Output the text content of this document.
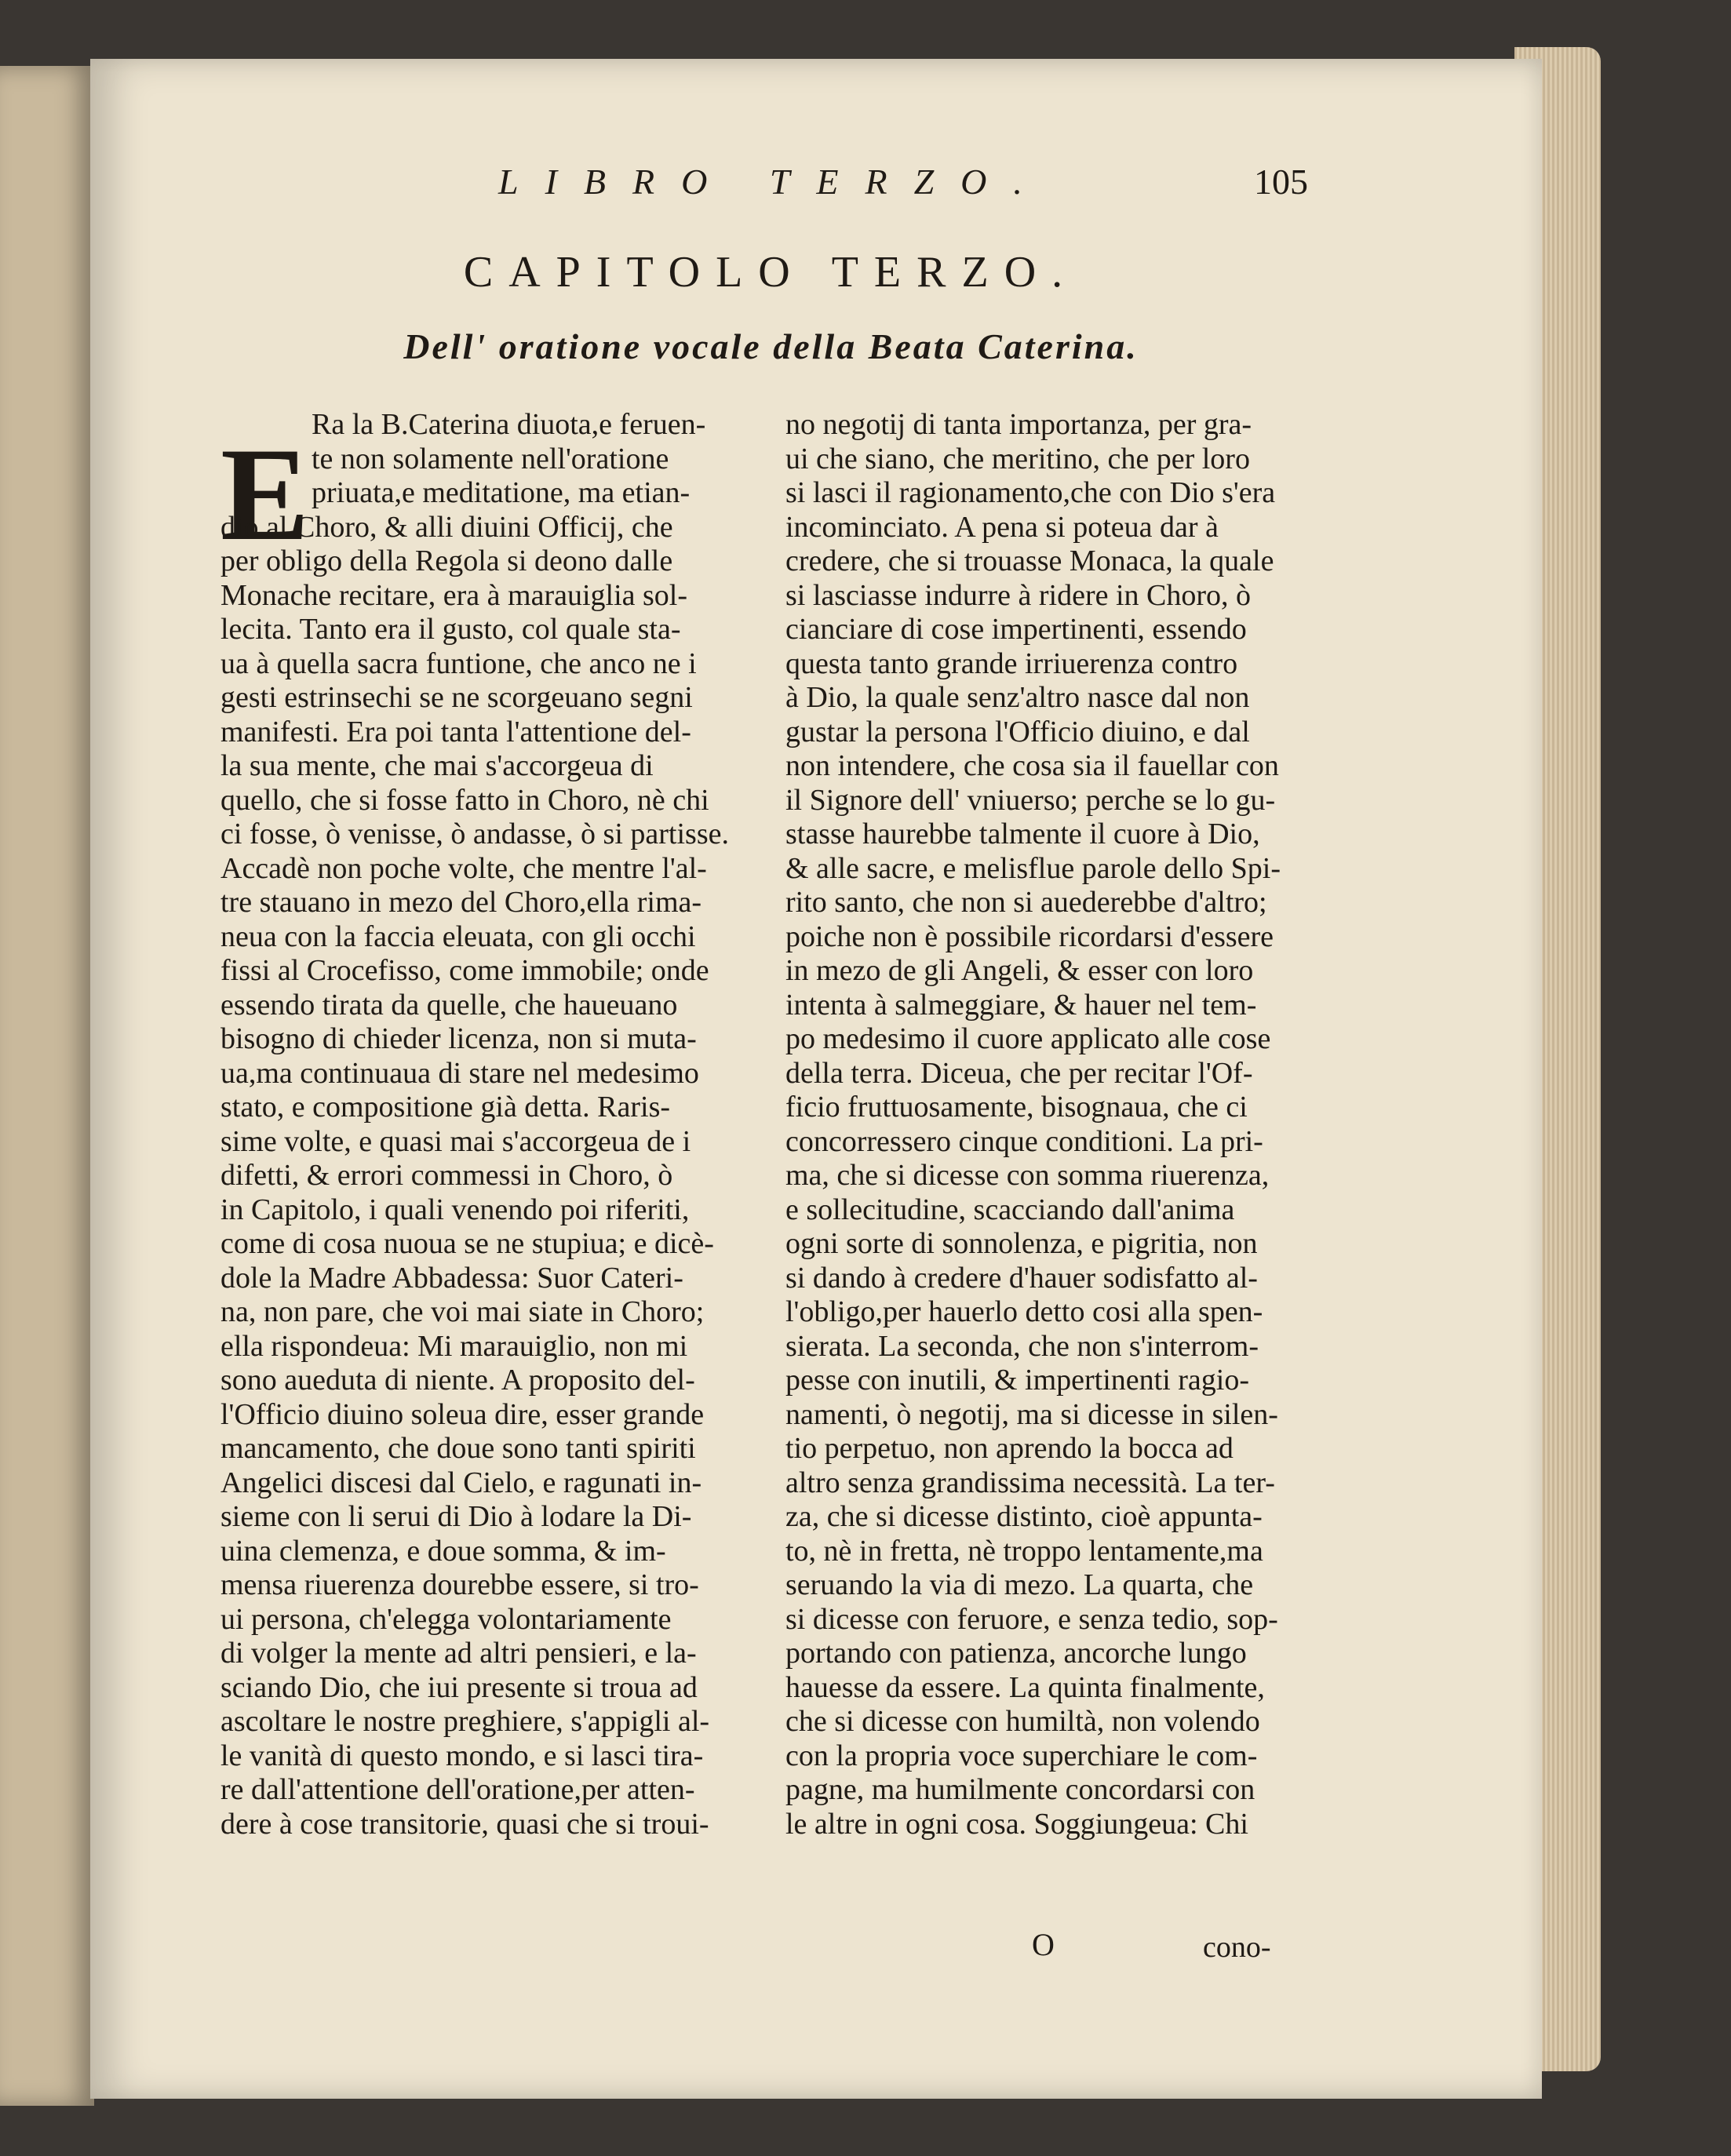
LIBRO TERZO.	105
CAPITOLO TERZO.
Dell' oratione vocale della Beata Caterina.
E Ra la B.Caterina diuota,e feruen-
te non solamente nell'oratione
priuata,e meditatione, ma etian-
dio al Choro, & alli diuini Officij, che
per obligo della Regola si deono dalle
Monache recitare, era à marauiglia sol-
lecita. Tanto era il gusto, col quale sta-
ua à quella sacra funtione, che anco ne i
gesti estrinsechi se ne scorgeuano segni
manifesti. Era poi tanta l'attentione del-
la sua mente, che mai s'accorgeua di
quello, che si fosse fatto in Choro, nè chi
ci fosse, ò venisse, ò andasse, ò si partisse.
Accadè non poche volte, che mentre l'al-
tre stauano in mezo del Choro,ella rima-
neua con la faccia eleuata, con gli occhi
fissi al Crocefisso, come immobile; onde
essendo tirata da quelle, che haueuano
bisogno di chieder licenza, non si muta-
ua,ma continuaua di stare nel medesimo
stato, e compositione già detta. Raris-
sime volte, e quasi mai s'accorgeua de i
difetti, & errori commessi in Choro, ò
in Capitolo, i quali venendo poi riferiti,
come di cosa nuoua se ne stupiua; e dicè-
dole la Madre Abbadessa: Suor Cateri-
na, non pare, che voi mai siate in Choro;
ella rispondeua: Mi marauiglio, non mi
sono aueduta di niente. A proposito del-
l'Officio diuino soleua dire, esser grande
mancamento, che doue sono tanti spiriti
Angelici discesi dal Cielo, e ragunati in-
sieme con li serui di Dio à lodare la Di-
uina clemenza, e doue somma, & im-
mensa riuerenza dourebbe essere, si tro-
ui persona, ch'elegga volontariamente
di volger la mente ad altri pensieri, e la-
sciando Dio, che iui presente si troua ad
ascoltare le nostre preghiere, s'appigli al-
le vanità di questo mondo, e si lasci tira-
re dall'attentione dell'oratione,per atten-
dere à cose transitorie, quasi che si troui-
no negotij di tanta importanza, per gra-
ui che siano, che meritino, che per loro
si lasci il ragionamento,che con Dio s'era
incominciato. A pena si poteua dar à
credere, che si trouasse Monaca, la quale
si lasciasse indurre à ridere in Choro, ò
cianciare di cose impertinenti, essendo
questa tanto grande irriuerenza contro
à Dio, la quale senz'altro nasce dal non
gustar la persona l'Officio diuino, e dal
non intendere, che cosa sia il fauellar con
il Signore dell' vniuerso; perche se lo gu-
stasse haurebbe talmente il cuore à Dio,
& alle sacre, e melisflue parole dello Spi-
rito santo, che non si auederebbe d'altro;
poiche non è possibile ricordarsi d'essere
in mezo de gli Angeli, & esser con loro
intenta à salmeggiare, & hauer nel tem-
po medesimo il cuore applicato alle cose
della terra. Diceua, che per recitar l'Of-
ficio fruttuosamente, bisognaua, che ci
concorressero cinque conditioni. La pri-
ma, che si dicesse con somma riuerenza,
e sollecitudine, scacciando dall'anima
ogni sorte di sonnolenza, e pigritia, non
si dando à credere d'hauer sodisfatto al-
l'obligo,per hauerlo detto cosi alla spen-
sierata. La seconda, che non s'interrom-
pesse con inutili, & impertinenti ragio-
namenti, ò negotij, ma si dicesse in silen-
tio perpetuo, non aprendo la bocca ad
altro senza grandissima necessità. La ter-
za, che si dicesse distinto, cioè appunta-
to, nè in fretta, nè troppo lentamente,ma
seruando la via di mezo. La quarta, che
si dicesse con feruore, e senza tedio, sop-
portando con patienza, ancorche lungo
hauesse da essere. La quinta finalmente,
che si dicesse con humiltà, non volendo
con la propria voce superchiare le com-
pagne, ma humilmente concordarsi con
le altre in ogni cosa. Soggiungeua: Chi
O	cono-
